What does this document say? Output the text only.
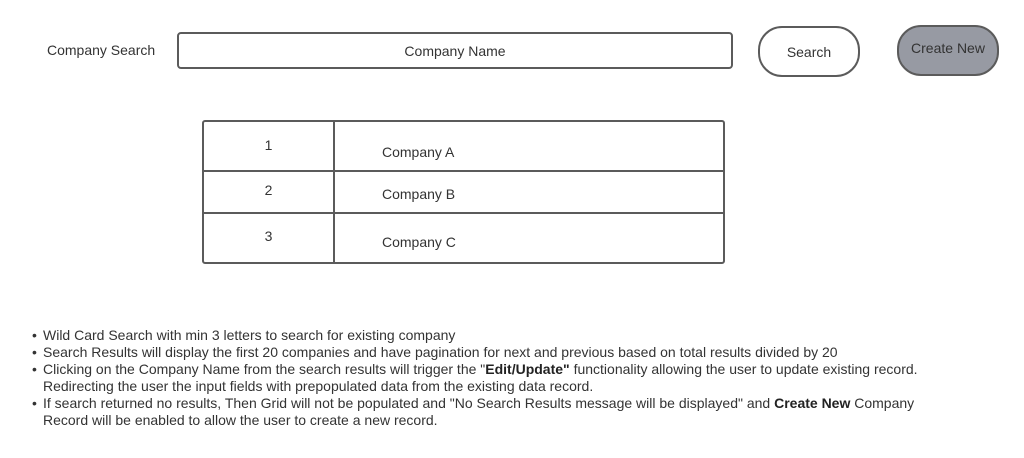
Company Search
Company Name	Search	Create New
1	Company A
2	Company B
3	Company C
• Wild Card Search with min 3 letters to search for existing company
• Search Results will display the first 20 companies and have pagination for next and previous based on total results divided by 20
• Clicking on the Company Name from the search results will trigger the "Edit/Update" functionality allowing the user to update existing record. Redirecting the user the input fields with prepopulated data from the existing data record.
• If search returned no results, Then Grid will not be populated and "No Search Results message will be displayed" and Create New Company Record will be enabled to allow the user to create a new record.
